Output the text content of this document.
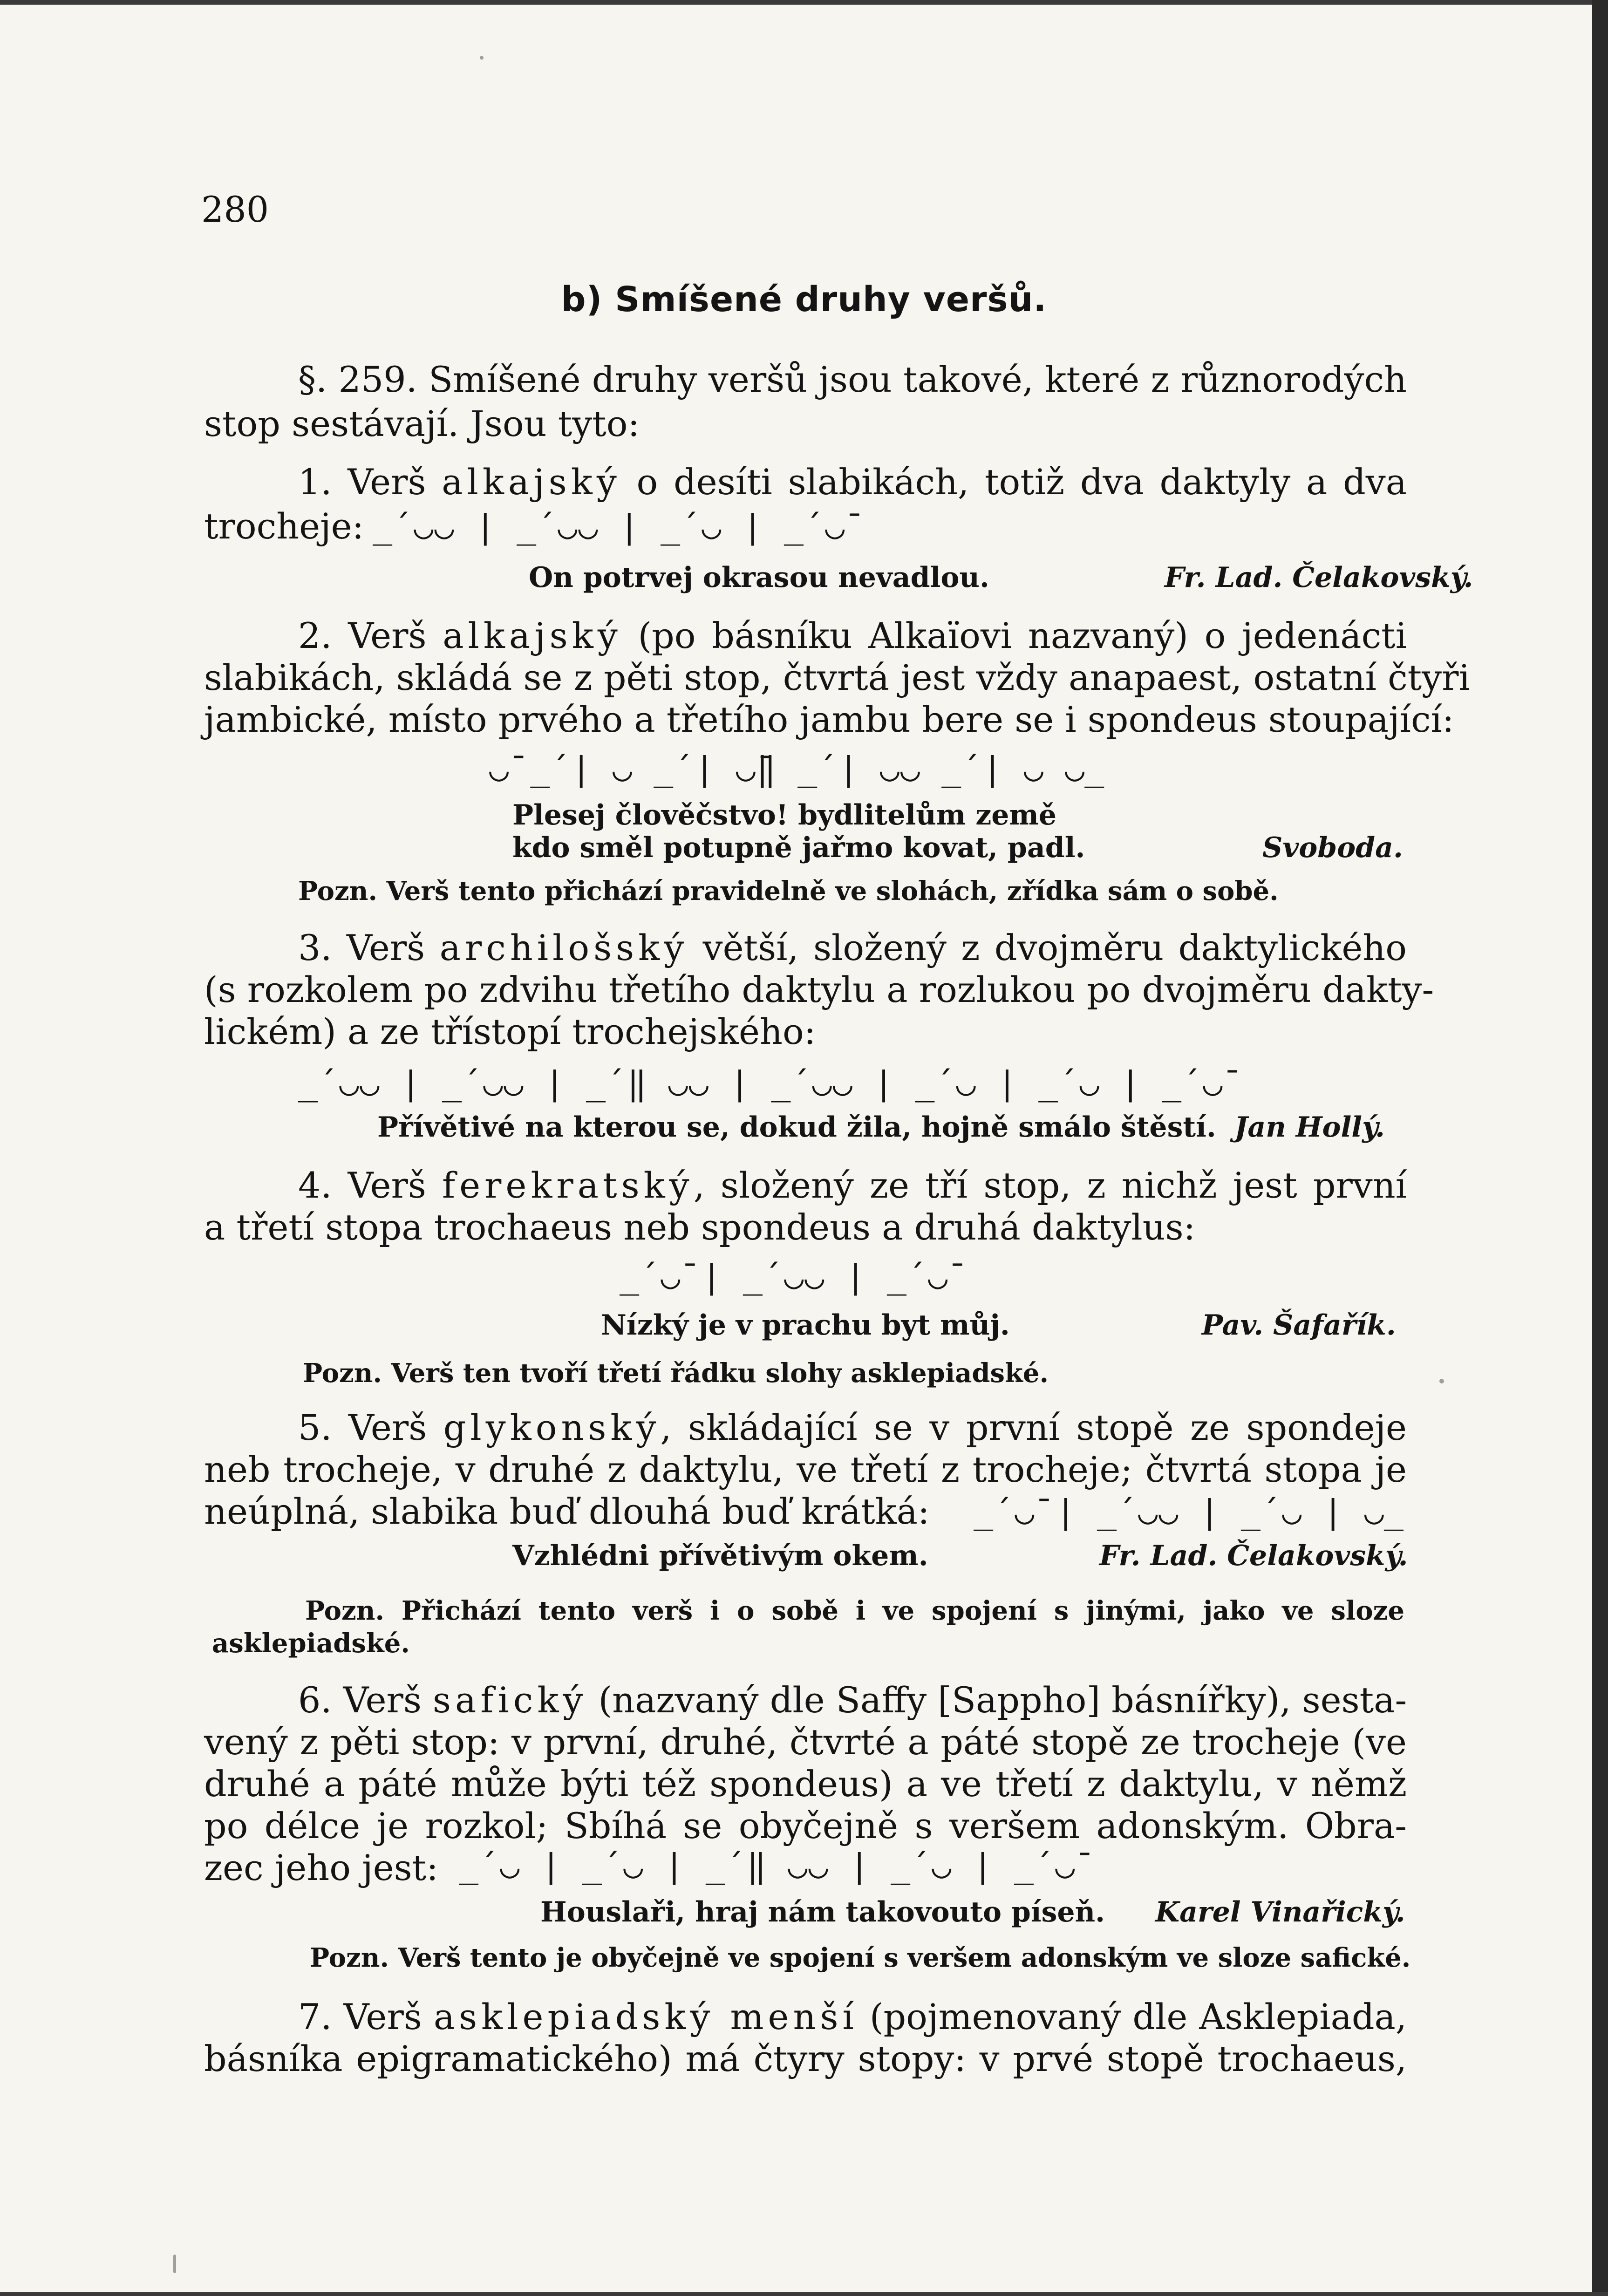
280
b) Smíšené druhy veršů.
§. 259. Smíšené druhy veršů jsou takové, které z různorodých
stop sestávají. Jsou tyto:
1. Verš alkajský o desíti slabikách, totiž dva daktyly a dva
trocheje: _́ ◡◡ | _́ ◡◡ | _́ ◡ | _́ ◡̄
On potrvej okrasou nevadlou.	Fr. Lad. Čelakovský.
2. Verš alkajský (po básníku Alkaïovi nazvaný) o jedenácti
slabikách, skládá se z pěti stop, čtvrtá jest vždy anapaest, ostatní čtyři
jambické, místo prvého a třetího jambu bere se i spondeus stoupající:
◡̄ _́ | ◡ _́ | ◡̄‖ _́ | ◡◡ _́ | ◡ ◡̲
Plesej člověčstvo! bydlitelům země
kdo směl potupně jařmo kovat, padl.	Svoboda.
Pozn. Verš tento přichází pravidelně ve slohách, zřídka sám o sobě.
3. Verš archilošský větší, složený z dvojměru daktylického
(s rozkolem po zdvihu třetího daktylu a rozlukou po dvojměru dakty-
lickém) a ze třístopí trochejského:
_́ ◡◡ | _́ ◡◡ | _́ ‖ ◡◡ | _́ ◡◡ | _́ ◡ | _́ ◡ | _́ ◡̄
Přívětivé na kterou se, dokud žila, hojně smálo štěstí. Jan Hollý.
4. Verš ferekratský, složený ze tří stop, z nichž jest první
a třetí stopa trochaeus neb spondeus a druhá daktylus:
_́ ◡̄ | _́ ◡◡ | _́ ◡̄
Nízký je v prachu byt můj.	Pav. Šafařík.
Pozn. Verš ten tvoří třetí řádku slohy asklepiadské.
5. Verš glykonský, skládající se v první stopě ze spondeje
neb trocheje, v druhé z daktylu, ve třetí z trocheje; čtvrtá stopa je
neúplná, slabika buď dlouhá buď krátká: _́ ◡̄ | _́ ◡◡ | _́ ◡ | ◡̲
Vzhlédni přívětivým okem.	Fr. Lad. Čelakovský.
Pozn. Přichází tento verš i o sobě i ve spojení s jinými, jako ve sloze
asklepiadské.
6. Verš safický (nazvaný dle Saffy [Sappho] básnířky), sesta-
vený z pěti stop: v první, druhé, čtvrté a páté stopě ze trocheje (ve
druhé a páté může býti též spondeus) a ve třetí z daktylu, v němž
po délce je rozkol; Sbíhá se obyčejně s veršem adonským. Obra-
zec jeho jest: _́ ◡ | _́ ◡ | _́ ‖ ◡◡ | _́ ◡ | _́ ◡̄
Houslaři, hraj nám takovouto píseň. Karel Vinařický.
Pozn. Verš tento je obyčejně ve spojení s veršem adonským ve sloze safické.
7. Verš asklepiadský menší (pojmenovaný dle Asklepiada,
básníka epigramatického) má čtyry stopy: v prvé stopě trochaeus,
